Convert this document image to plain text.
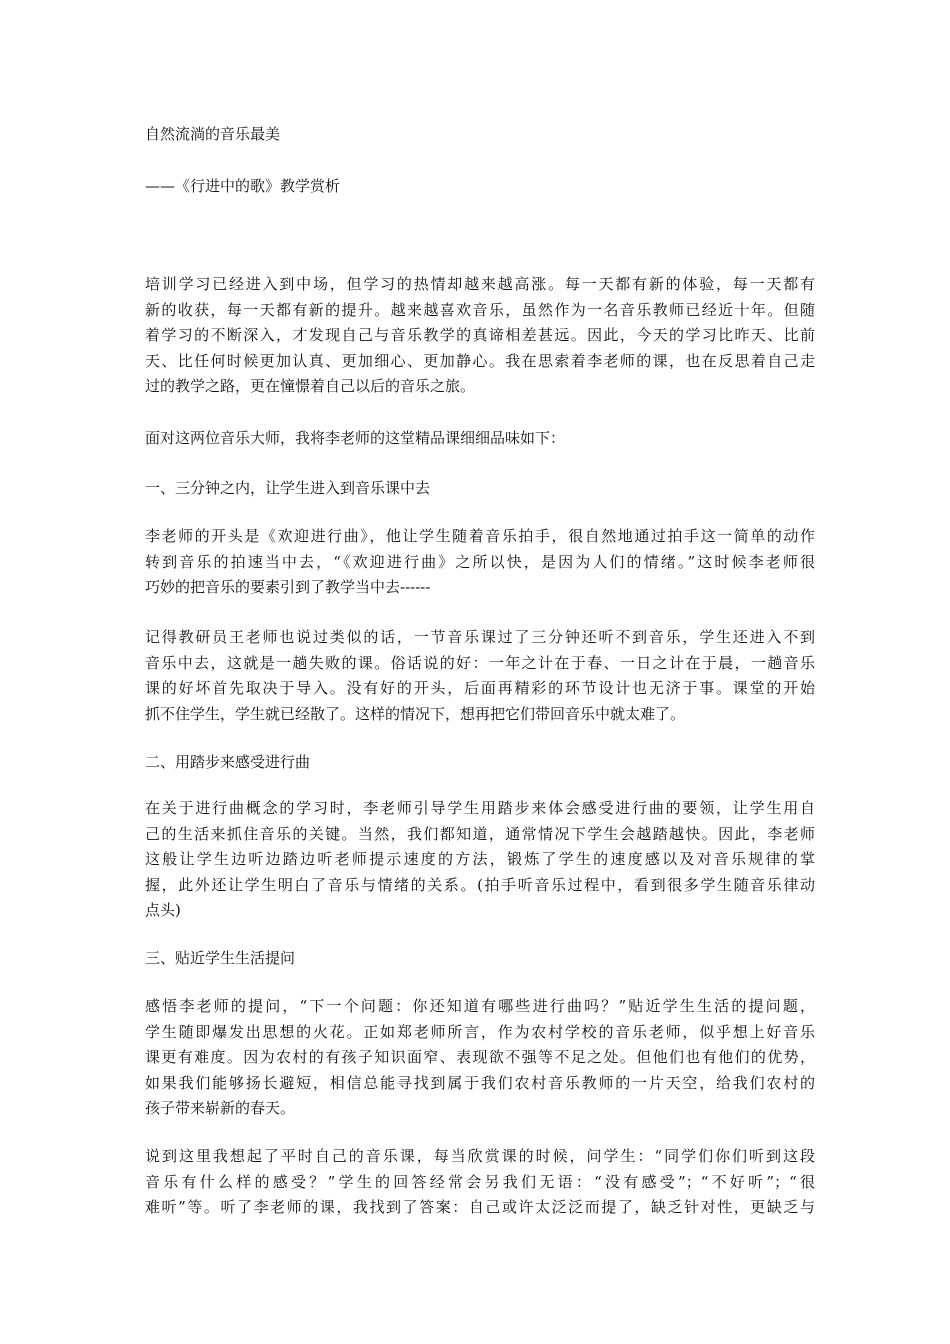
自然流淌的音乐最美
——《行进中的歌》教学赏析
培训学习已经进入到中场，但学习的热情却越来越高涨。每一天都有新的体验，每一天都有
新的收获，每一天都有新的提升。越来越喜欢音乐，虽然作为一名音乐教师已经近十年。但随
着学习的不断深入，才发现自己与音乐教学的真谛相差甚远。因此，今天的学习比昨天、比前
天、比任何时候更加认真、更加细心、更加静心。我在思索着李老师的课，也在反思着自己走
过的教学之路，更在憧憬着自己以后的音乐之旅。
面对这两位音乐大师，我将李老师的这堂精品课细细品味如下：
一、三分钟之内，让学生进入到音乐课中去
李老师的开头是《欢迎进行曲》，他让学生随着音乐拍手，很自然地通过拍手这一简单的动作
转到音乐的拍速当中去，“《欢迎进行曲》之所以快，是因为人们的情绪。”这时候李老师很
巧妙的把音乐的要素引到了教学当中去------
记得教研员王老师也说过类似的话，一节音乐课过了三分钟还听不到音乐，学生还进入不到
音乐中去，这就是一趟失败的课。俗话说的好：一年之计在于春、一日之计在于晨，一趟音乐
课的好坏首先取决于导入。没有好的开头，后面再精彩的环节设计也无济于事。课堂的开始
抓不住学生，学生就已经散了。这样的情况下，想再把它们带回音乐中就太难了。
二、用踏步来感受进行曲
在关于进行曲概念的学习时，李老师引导学生用踏步来体会感受进行曲的要领，让学生用自
己的生活来抓住音乐的关键。当然，我们都知道，通常情况下学生会越踏越快。因此，李老师
这般让学生边听边踏边听老师提示速度的方法，锻炼了学生的速度感以及对音乐规律的掌
握，此外还让学生明白了音乐与情绪的关系。(拍手听音乐过程中，看到很多学生随音乐律动
点头)
三、贴近学生生活提问
感悟李老师的提问，“下一个问题：你还知道有哪些进行曲吗？”贴近学生生活的提问题，
学生随即爆发出思想的火花。正如郑老师所言，作为农村学校的音乐老师，似乎想上好音乐
课更有难度。因为农村的有孩子知识面窄、表现欲不强等不足之处。但他们也有他们的优势，
如果我们能够扬长避短，相信总能寻找到属于我们农村音乐教师的一片天空，给我们农村的
孩子带来崭新的春天。
说到这里我想起了平时自己的音乐课，每当欣赏课的时候，问学生：“同学们你们听到这段
音乐有什么样的感受？”学生的回答经常会另我们无语：“没有感受”；“不好听”；“很
难听”等。听了李老师的课，我找到了答案：自己或许太泛泛而提了，缺乏针对性，更缺乏与
